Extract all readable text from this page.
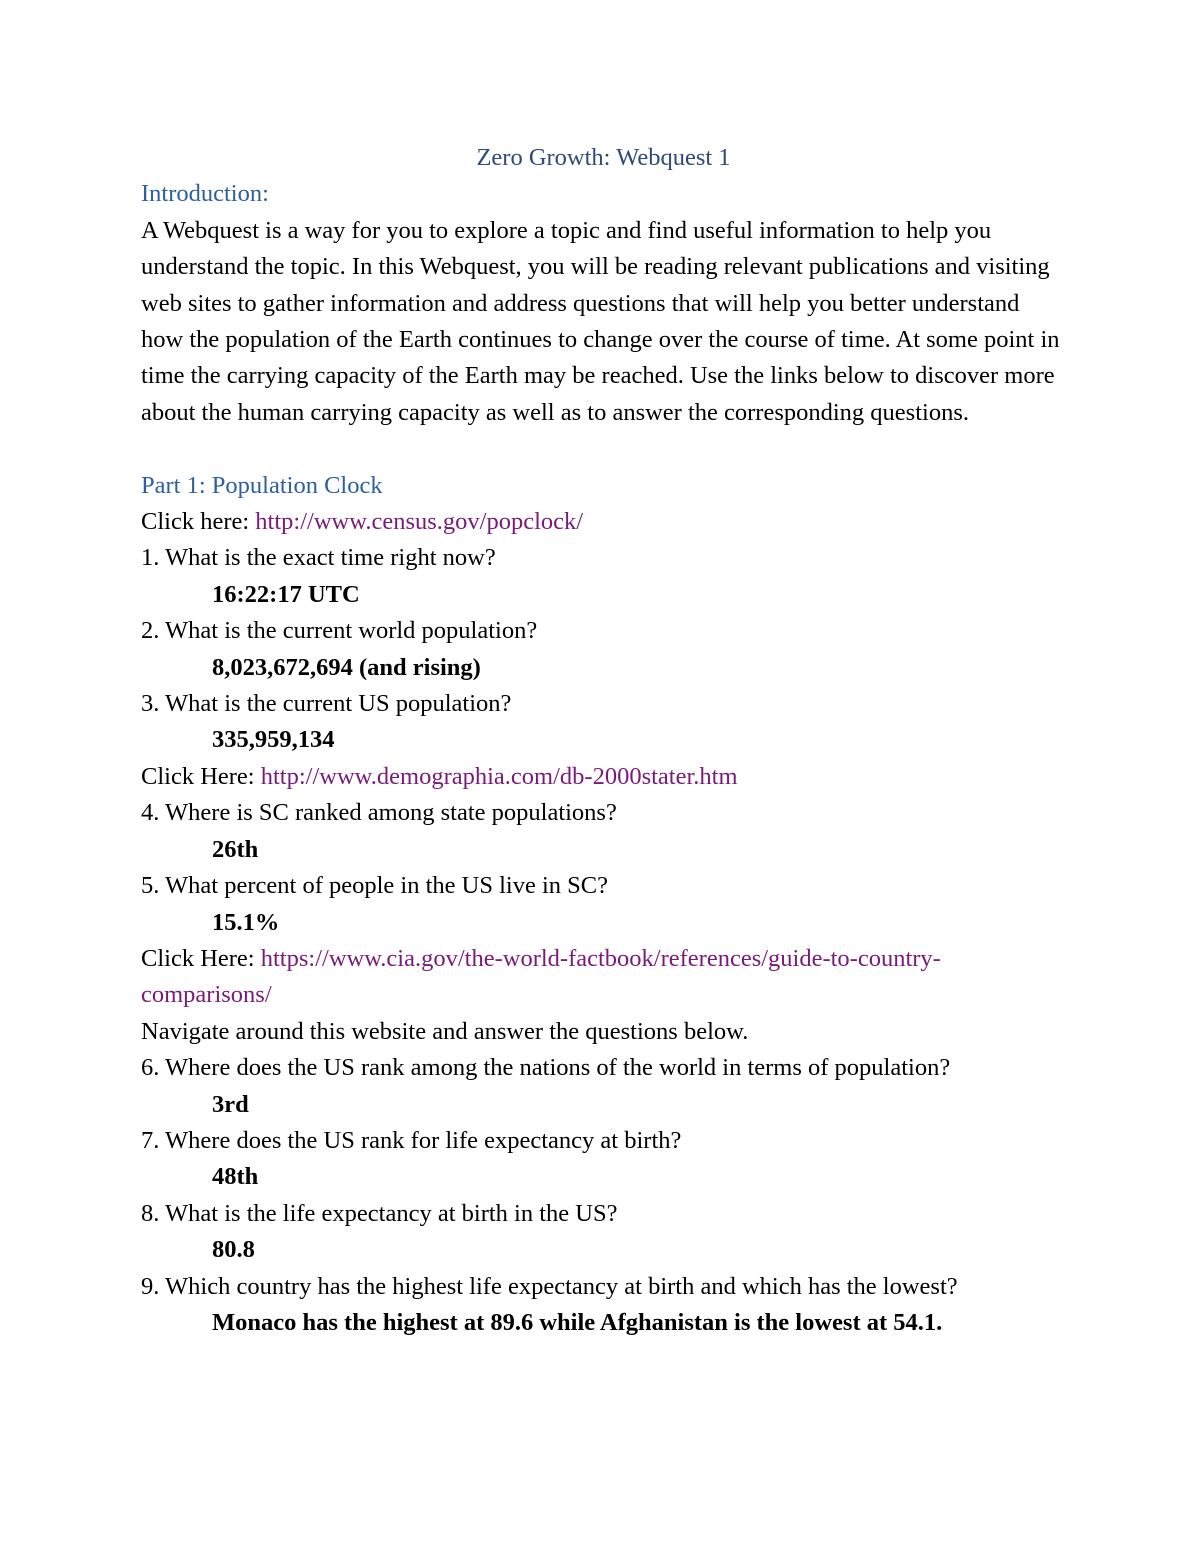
Zero Growth: Webquest 1

Introduction:

A Webquest is a way for you to explore a topic and find useful information to help you understand the topic. In this Webquest, you will be reading relevant publications and visiting web sites to gather information and address questions that will help you better understand how the population of the Earth continues to change over the course of time. At some point in time the carrying capacity of the Earth may be reached. Use the links below to discover more about the human carrying capacity as well as to answer the corresponding questions.

Part 1: Population Clock

Click here: http://www.census.gov/popclock/

1. What is the exact time right now?

16:22:17 UTC

2. What is the current world population?

8,023,672,694 (and rising)

3. What is the current US population?

335,959,134

Click Here: http://www.demographia.com/db-2000stater.htm

4. Where is SC ranked among state populations?

26th

5. What percent of people in the US live in SC?

15.1%

Click Here: https://www.cia.gov/the-world-factbook/references/guide-to-country-comparisons/

Navigate around this website and answer the questions below.

6. Where does the US rank among the nations of the world in terms of population?

3rd

7. Where does the US rank for life expectancy at birth?

48th

8. What is the life expectancy at birth in the US?

80.8

9. Which country has the highest life expectancy at birth and which has the lowest?

Monaco has the highest at 89.6 while Afghanistan is the lowest at 54.1.
